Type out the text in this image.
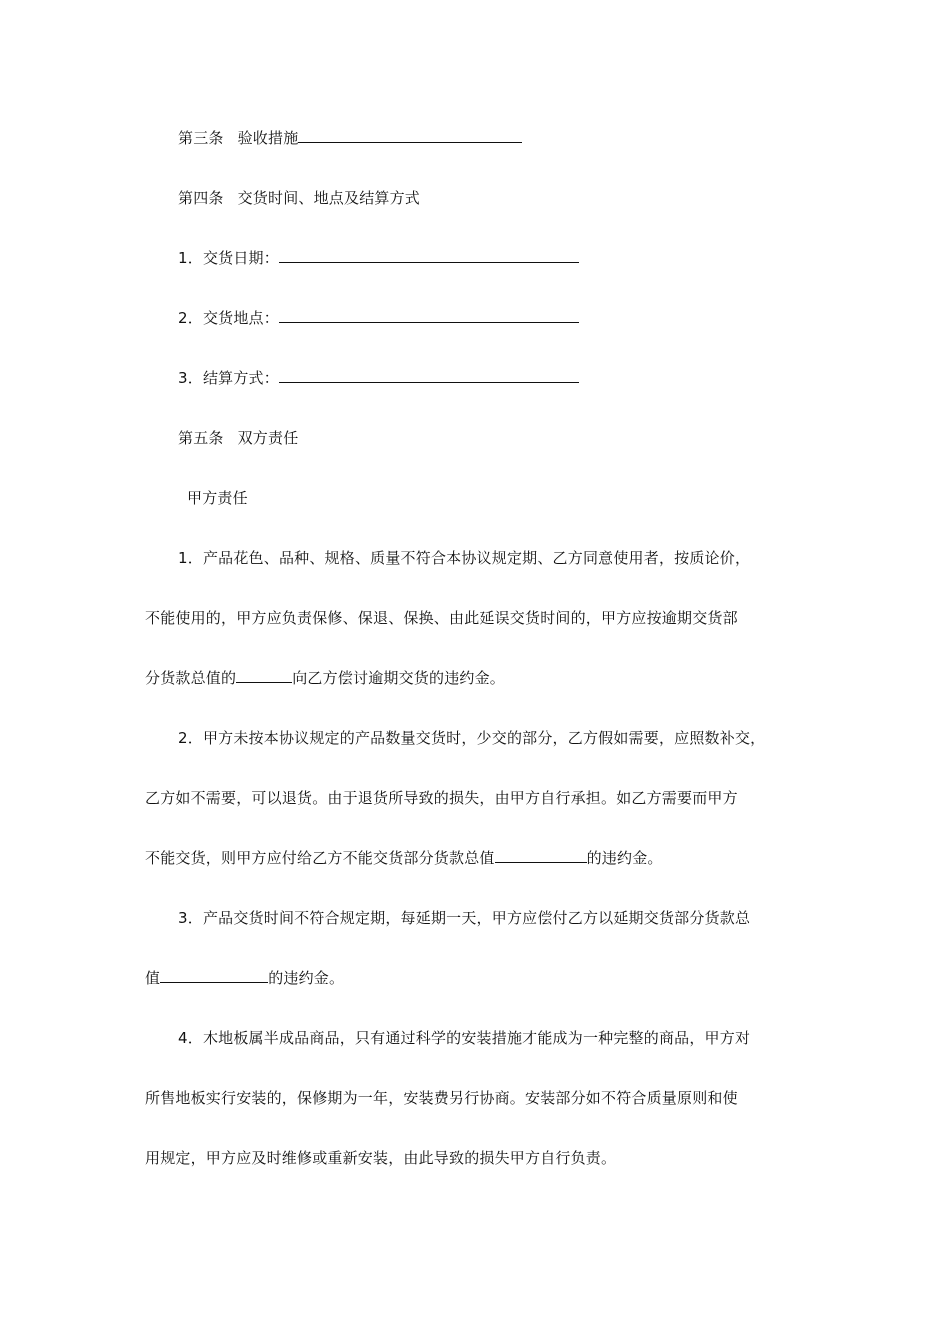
第三条 验收措施
第四条 交货时间、地点及结算方式
1．交货日期：
2．交货地点：
3．结算方式：
第五条 双方责任
甲方责任
1．产品花色、品种、规格、质量不符合本协议规定期、乙方同意使用者，按质论价，
不能使用的，甲方应负责保修、保退、保换、由此延误交货时间的，甲方应按逾期交货部
分货款总值的	向乙方偿讨逾期交货的违约金。
2．甲方未按本协议规定的产品数量交货时，少交的部分，乙方假如需要，应照数补交，
乙方如不需要，可以退货。由于退货所导致的损失，由甲方自行承担。如乙方需要而甲方
不能交货，则甲方应付给乙方不能交货部分货款总值	的违约金。
3．产品交货时间不符合规定期，每延期一天，甲方应偿付乙方以延期交货部分货款总
值	的违约金。
4．木地板属半成品商品，只有通过科学的安装措施才能成为一种完整的商品，甲方对
所售地板实行安装的，保修期为一年，安装费另行协商。安装部分如不符合质量原则和使
用规定，甲方应及时维修或重新安装，由此导致的损失甲方自行负责。
